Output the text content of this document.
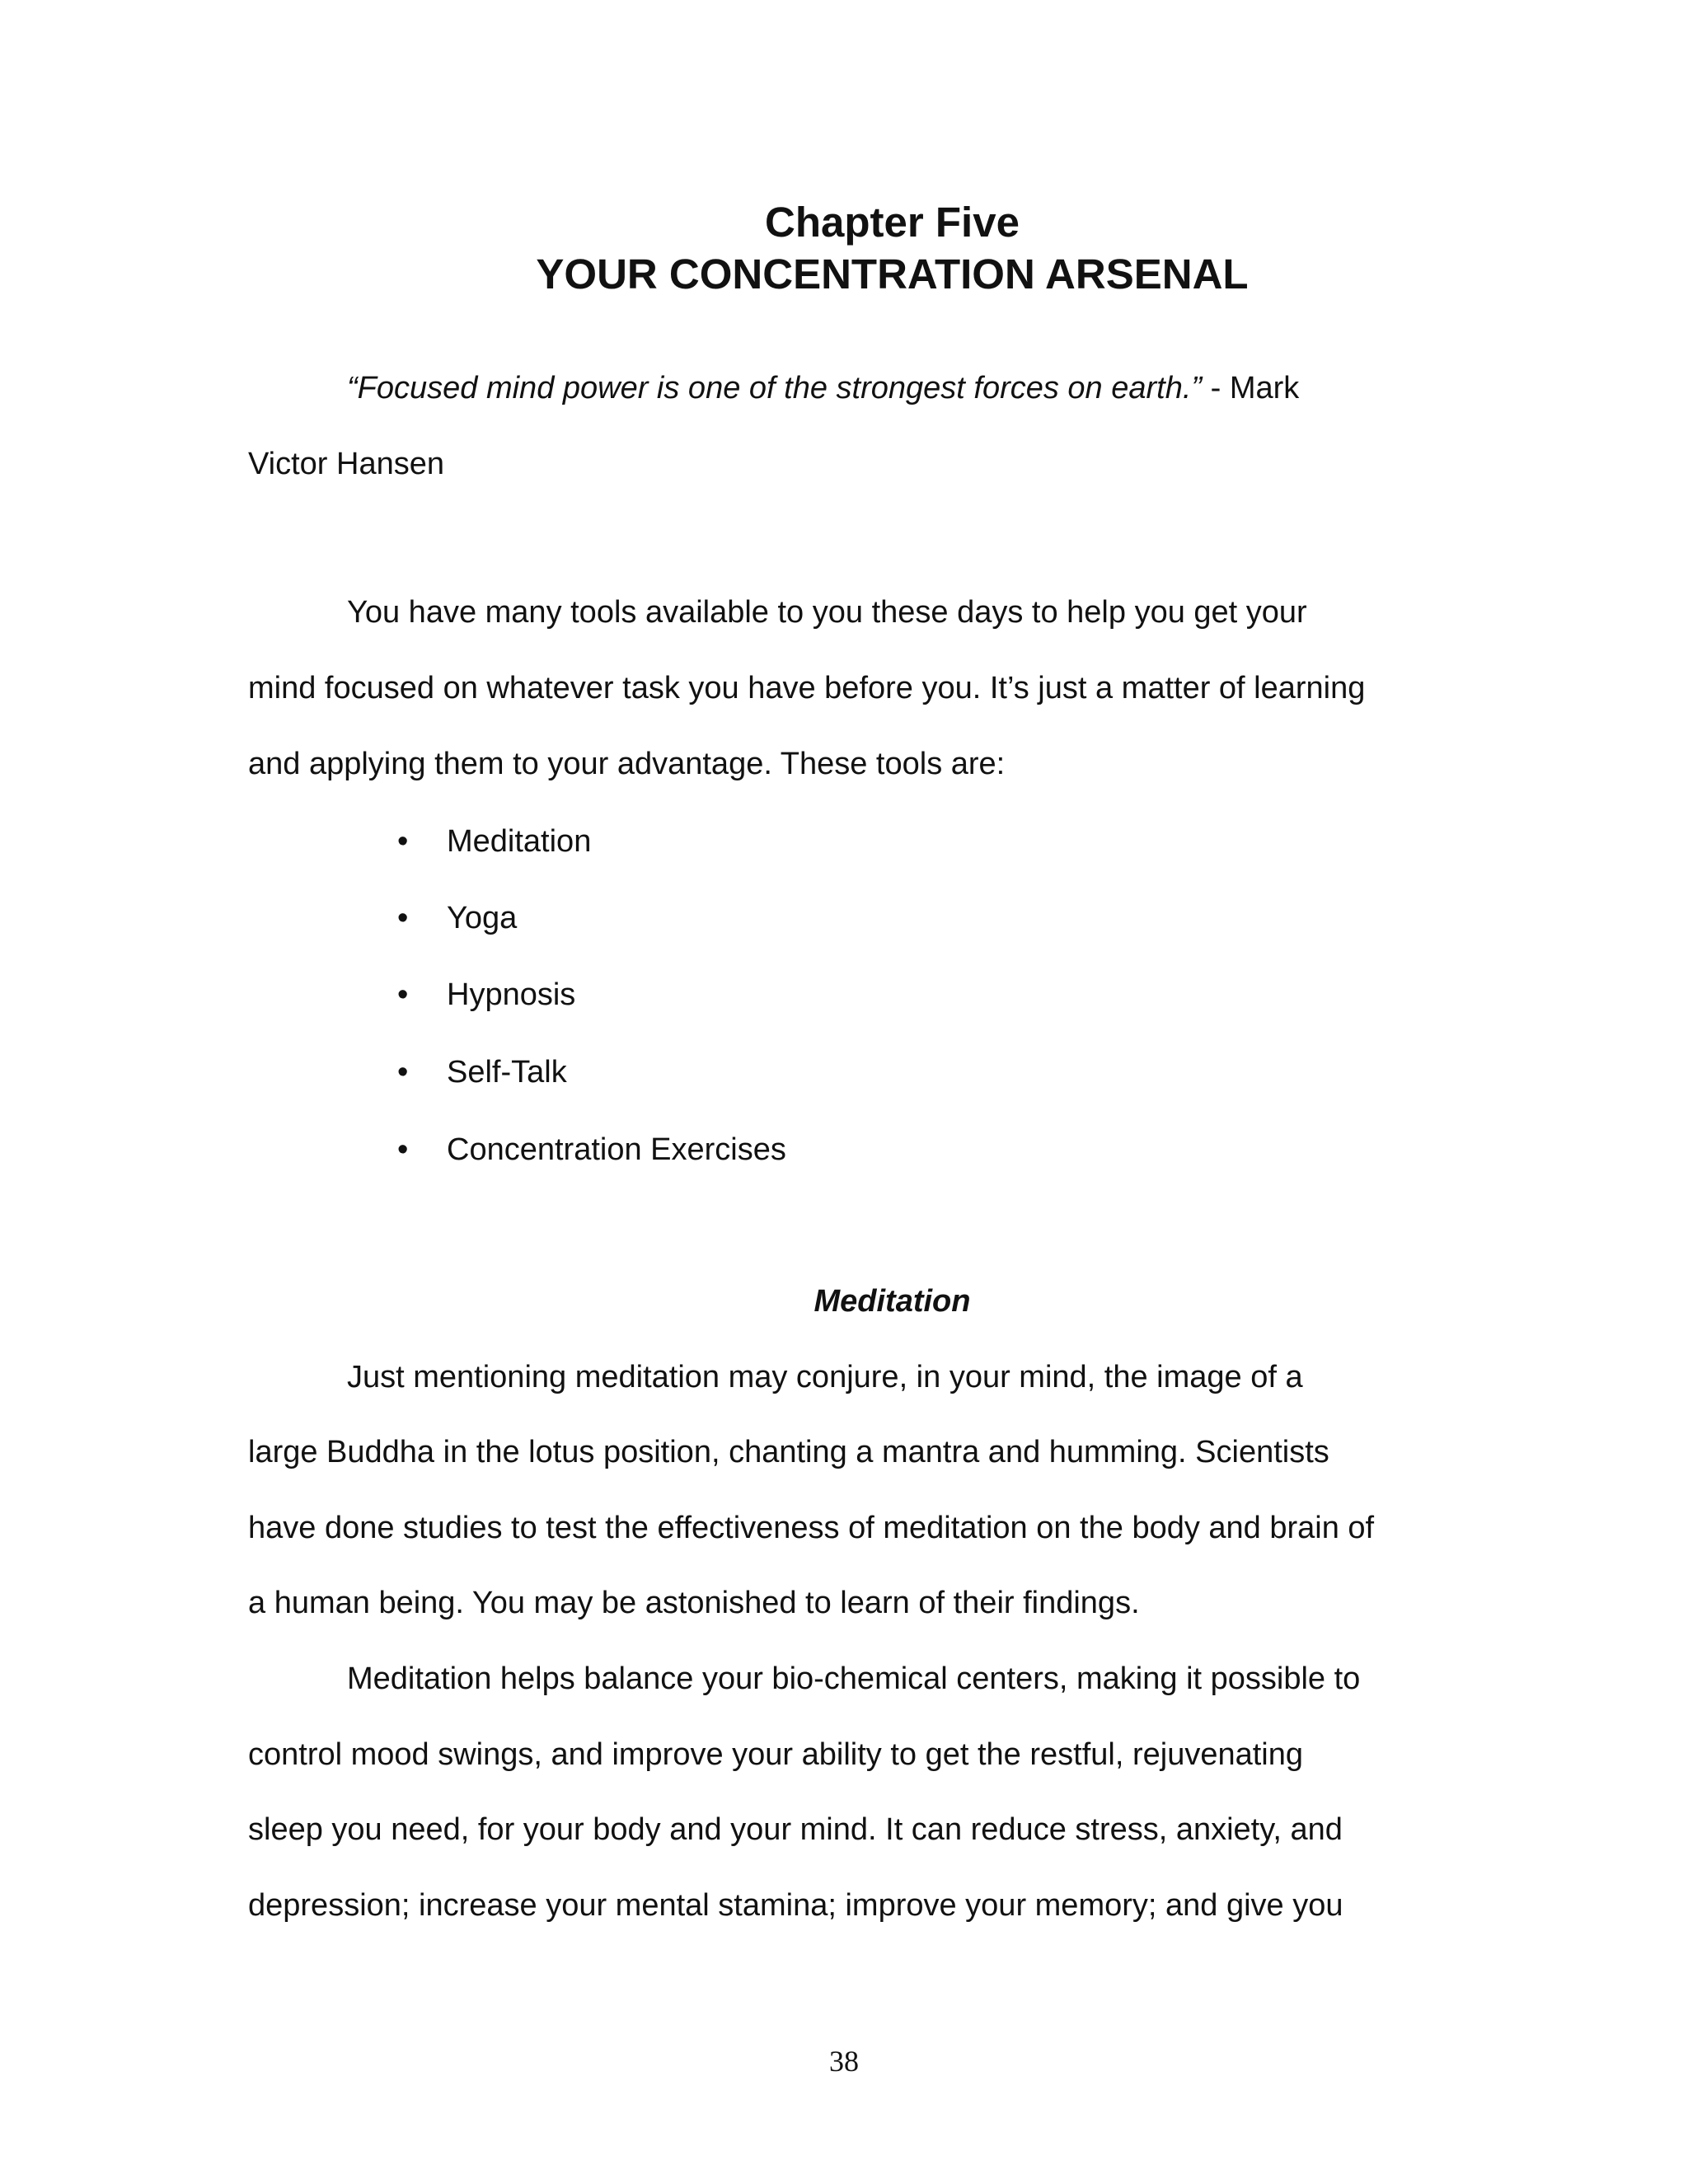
Chapter Five
YOUR CONCENTRATION ARSENAL
“Focused mind power is one of the strongest forces on earth.” - Mark
Victor Hansen
You have many tools available to you these days to help you get your
mind focused on whatever task you have before you. It’s just a matter of learning
and applying them to your advantage. These tools are:
• Meditation
• Yoga
• Hypnosis
• Self-Talk
• Concentration Exercises
Just mentioning meditation may conjure, in your mind, the image of a
large Buddha in the lotus position, chanting a mantra and humming. Scientists
have done studies to test the effectiveness of meditation on the body and brain of
a human being. You may be astonished to learn of their findings.
Meditation helps balance your bio-chemical centers, making it possible to
control mood swings, and improve your ability to get the restful, rejuvenating
sleep you need, for your body and your mind. It can reduce stress, anxiety, and
depression; increase your mental stamina; improve your memory; and give you
Meditation
38
